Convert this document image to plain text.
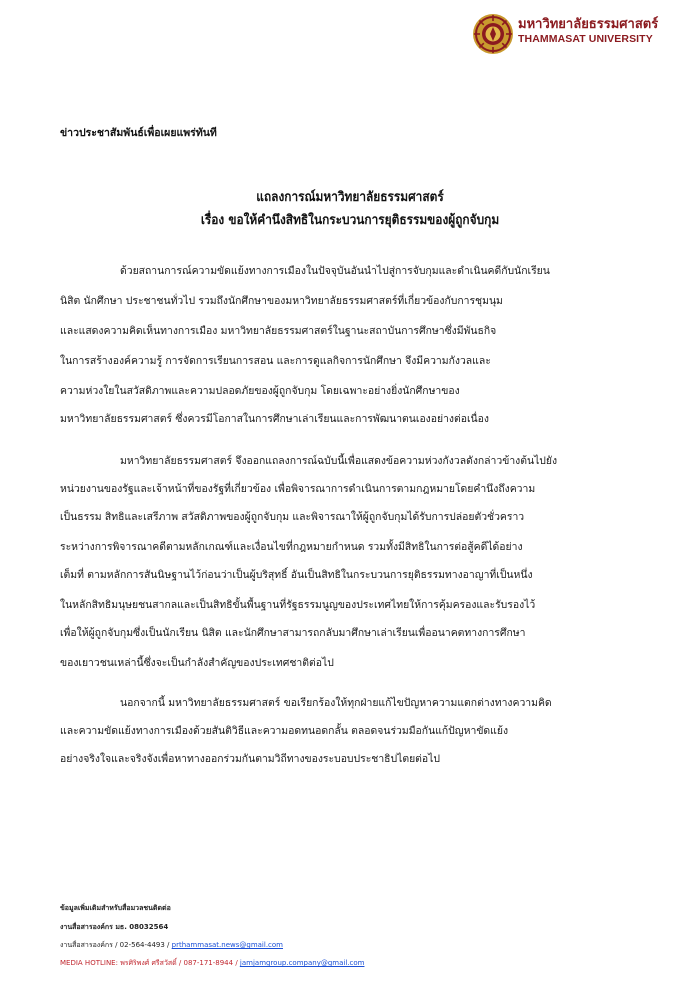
มหาวิทยาลัยธรรมศาสตร์
THAMMASAT UNIVERSITY
ข่าวประชาสัมพันธ์เพื่อเผยแพร่ทันที
แถลงการณ์มหาวิทยาลัยธรรมศาสตร์
เรื่อง ขอให้คำนึงสิทธิในกระบวนการยุติธรรมของผู้ถูกจับกุม
ด้วยสถานการณ์ความขัดแย้งทางการเมืองในปัจจุบันอันนำไปสู่การจับกุมและดำเนินคดีกับนักเรียน
นิสิต นักศึกษา ประชาชนทั่วไป รวมถึงนักศึกษาของมหาวิทยาลัยธรรมศาสตร์ที่เกี่ยวข้องกับการชุมนุม
และแสดงความคิดเห็นทางการเมือง มหาวิทยาลัยธรรมศาสตร์ในฐานะสถาบันการศึกษาซึ่งมีพันธกิจ
ในการสร้างองค์ความรู้ การจัดการเรียนการสอน และการดูแลกิจการนักศึกษา จึงมีความกังวลและ
ความห่วงใยในสวัสดิภาพและความปลอดภัยของผู้ถูกจับกุม โดยเฉพาะอย่างยิ่งนักศึกษาของ
มหาวิทยาลัยธรรมศาสตร์ ซึ่งควรมีโอกาสในการศึกษาเล่าเรียนและการพัฒนาตนเองอย่างต่อเนื่อง
มหาวิทยาลัยธรรมศาสตร์ จึงออกแถลงการณ์ฉบับนี้เพื่อแสดงข้อความห่วงกังวลดังกล่าวข้างต้นไปยัง
หน่วยงานของรัฐและเจ้าหน้าที่ของรัฐที่เกี่ยวข้อง เพื่อพิจารณาการดำเนินการตามกฎหมายโดยคำนึงถึงความ
เป็นธรรม สิทธิและเสรีภาพ สวัสดิภาพของผู้ถูกจับกุม และพิจารณาให้ผู้ถูกจับกุมได้รับการปล่อยตัวชั่วคราว
ระหว่างการพิจารณาคดีตามหลักเกณฑ์และเงื่อนไขที่กฎหมายกำหนด รวมทั้งมีสิทธิในการต่อสู้คดีได้อย่าง
เต็มที่ ตามหลักการสันนิษฐานไว้ก่อนว่าเป็นผู้บริสุทธิ์ อันเป็นสิทธิในกระบวนการยุติธรรมทางอาญาที่เป็นหนึ่ง
ในหลักสิทธิมนุษยชนสากลและเป็นสิทธิขั้นพื้นฐานที่รัฐธรรมนูญของประเทศไทยให้การคุ้มครองและรับรองไว้
เพื่อให้ผู้ถูกจับกุมซึ่งเป็นนักเรียน นิสิต และนักศึกษาสามารถกลับมาศึกษาเล่าเรียนเพื่ออนาคตทางการศึกษา
ของเยาวชนเหล่านี้ซึ่งจะเป็นกำลังสำคัญของประเทศชาติต่อไป
นอกจากนี้ มหาวิทยาลัยธรรมศาสตร์ ขอเรียกร้องให้ทุกฝ่ายแก้ไขปัญหาความแตกต่างทางความคิด
และความขัดแย้งทางการเมืองด้วยสันติวิธีและความอดทนอดกลั้น ตลอดจนร่วมมือกันแก้ปัญหาขัดแย้ง
อย่างจริงใจและจริงจังเพื่อหาทางออกร่วมกันตามวิถีทางของระบอบประชาธิปไตยต่อไป
ข้อมูลเพิ่มเติมสำหรับสื่อมวลชนติดต่อ
งานสื่อสารองค์กร มธ. 08032564
งานสื่อสารองค์กร / 02-564-4493 / prthammasat.news@gmail.com
MEDIA HOTLINE: พรศิริพงศ์ ศรีสวัสดิ์ / 087-171-8944 / jamjamgroup.company@gmail.com
